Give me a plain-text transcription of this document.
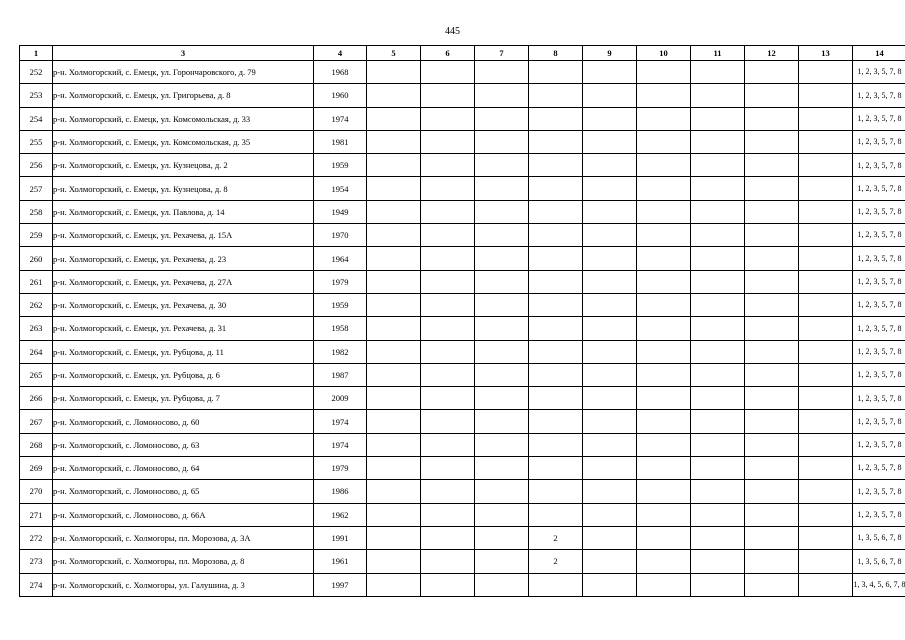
445
1	3	4	5	6	7	8	9	10	11	12	13	14
252	р-н. Холмогорский, с. Емецк, ул. Горончаровского, д. 79	1968										1, 2, 3, 5, 7, 8
253	р-н. Холмогорский, с. Емецк, ул. Григорьева, д. 8	1960										1, 2, 3, 5, 7, 8
254	р-н. Холмогорский, с. Емецк, ул. Комсомольская, д. 33	1974										1, 2, 3, 5, 7, 8
255	р-н. Холмогорский, с. Емецк, ул. Комсомольская, д. 35	1981										1, 2, 3, 5, 7, 8
256	р-н. Холмогорский, с. Емецк, ул. Кузнецова, д. 2	1959										1, 2, 3, 5, 7, 8
257	р-н. Холмогорский, с. Емецк, ул. Кузнецова, д. 8	1954										1, 2, 3, 5, 7, 8
258	р-н. Холмогорский, с. Емецк, ул. Павлова, д. 14	1949										1, 2, 3, 5, 7, 8
259	р-н. Холмогорский, с. Емецк, ул. Рехачева, д. 15А	1970										1, 2, 3, 5, 7, 8
260	р-н. Холмогорский, с. Емецк, ул. Рехачева, д. 23	1964										1, 2, 3, 5, 7, 8
261	р-н. Холмогорский, с. Емецк, ул. Рехачева, д. 27А	1979										1, 2, 3, 5, 7, 8
262	р-н. Холмогорский, с. Емецк, ул. Рехачева, д. 30	1959										1, 2, 3, 5, 7, 8
263	р-н. Холмогорский, с. Емецк, ул. Рехачева, д. 31	1958										1, 2, 3, 5, 7, 8
264	р-н. Холмогорский, с. Емецк, ул. Рубцова, д. 11	1982										1, 2, 3, 5, 7, 8
265	р-н. Холмогорский, с. Емецк, ул. Рубцова, д. 6	1987										1, 2, 3, 5, 7, 8
266	р-н. Холмогорский, с. Емецк, ул. Рубцова, д. 7	2009										1, 2, 3, 5, 7, 8
267	р-н. Холмогорский, с. Ломоносово, д. 60	1974										1, 2, 3, 5, 7, 8
268	р-н. Холмогорский, с. Ломоносово, д. 63	1974										1, 2, 3, 5, 7, 8
269	р-н. Холмогорский, с. Ломоносово, д. 64	1979										1, 2, 3, 5, 7, 8
270	р-н. Холмогорский, с. Ломоносово, д. 65	1986										1, 2, 3, 5, 7, 8
271	р-н. Холмогорский, с. Ломоносово, д. 66А	1962										1, 2, 3, 5, 7, 8
272	р-н. Холмогорский, с. Холмогоры, пл. Морозова, д. 3А	1991				2						1, 3, 5, 6, 7, 8
273	р-н. Холмогорский, с. Холмогоры, пл. Морозова, д. 8	1961				2						1, 3, 5, 6, 7, 8
274	р-н. Холмогорский, с. Холмогоры, ул. Галушина, д. 3	1997										1, 3, 4, 5, 6, 7, 8
